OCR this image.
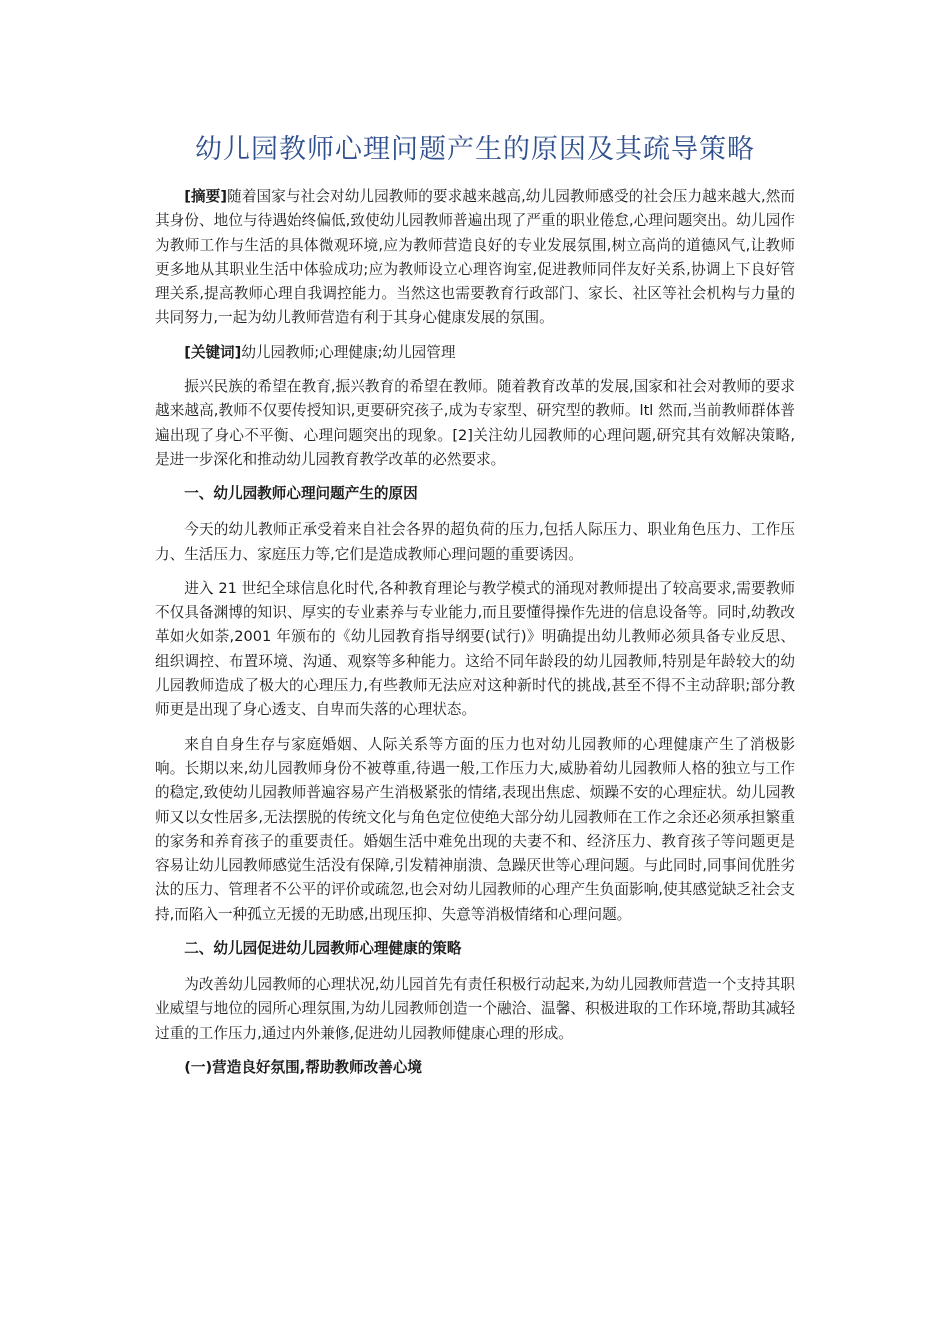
幼儿园教师心理问题产生的原因及其疏导策略

[摘要]随着国家与社会对幼儿园教师的要求越来越高,幼儿园教师感受的社会压力越来越大,然而其身份、地位与待遇始终偏低,致使幼儿园教师普遍出现了严重的职业倦怠,心理问题突出。幼儿园作为教师工作与生活的具体微观环境,应为教师营造良好的专业发展氛围,树立高尚的道德风气,让教师更多地从其职业生活中体验成功;应为教师设立心理咨询室,促进教师同伴友好关系,协调上下良好管理关系,提高教师心理自我调控能力。当然这也需要教育行政部门、家长、社区等社会机构与力量的共同努力,一起为幼儿教师营造有利于其身心健康发展的氛围。

[关键词]幼儿园教师;心理健康;幼儿园管理

振兴民族的希望在教育,振兴教育的希望在教师。随着教育改革的发展,国家和社会对教师的要求越来越高,教师不仅要传授知识,更要研究孩子,成为专家型、研究型的教师。ltl 然而,当前教师群体普遍出现了身心不平衡、心理问题突出的现象。[2]关注幼儿园教师的心理问题,研究其有效解决策略,是进一步深化和推动幼儿园教育教学改革的必然要求。

一、幼儿园教师心理问题产生的原因

今天的幼儿教师正承受着来自社会各界的超负荷的压力,包括人际压力、职业角色压力、工作压力、生活压力、家庭压力等,它们是造成教师心理问题的重要诱因。

进入 21 世纪全球信息化时代,各种教育理论与教学模式的涌现对教师提出了较高要求,需要教师不仅具备渊博的知识、厚实的专业素养与专业能力,而且要懂得操作先进的信息设备等。同时,幼教改革如火如荼,2001 年颁布的《幼儿园教育指导纲要(试行)》明确提出幼儿教师必须具备专业反思、组织调控、布置环境、沟通、观察等多种能力。这给不同年龄段的幼儿园教师,特别是年龄较大的幼儿园教师造成了极大的心理压力,有些教师无法应对这种新时代的挑战,甚至不得不主动辞职;部分教师更是出现了身心透支、自卑而失落的心理状态。

来自自身生存与家庭婚姻、人际关系等方面的压力也对幼儿园教师的心理健康产生了消极影响。长期以来,幼儿园教师身份不被尊重,待遇一般,工作压力大,威胁着幼儿园教师人格的独立与工作的稳定,致使幼儿园教师普遍容易产生消极紧张的情绪,表现出焦虑、烦躁不安的心理症状。幼儿园教师又以女性居多,无法摆脱的传统文化与角色定位使绝大部分幼儿园教师在工作之余还必须承担繁重的家务和养育孩子的重要责任。婚姻生活中难免出现的夫妻不和、经济压力、教育孩子等问题更是容易让幼儿园教师感觉生活没有保障,引发精神崩溃、急躁厌世等心理问题。与此同时,同事间优胜劣汰的压力、管理者不公平的评价或疏忽,也会对幼儿园教师的心理产生负面影响,使其感觉缺乏社会支持,而陷入一种孤立无援的无助感,出现压抑、失意等消极情绪和心理问题。

二、幼儿园促进幼儿园教师心理健康的策略

为改善幼儿园教师的心理状况,幼儿园首先有责任积极行动起来,为幼儿园教师营造一个支持其职业威望与地位的园所心理氛围,为幼儿园教师创造一个融洽、温馨、积极进取的工作环境,帮助其减轻过重的工作压力,通过内外兼修,促进幼儿园教师健康心理的形成。

(一)营造良好氛围,帮助教师改善心境
